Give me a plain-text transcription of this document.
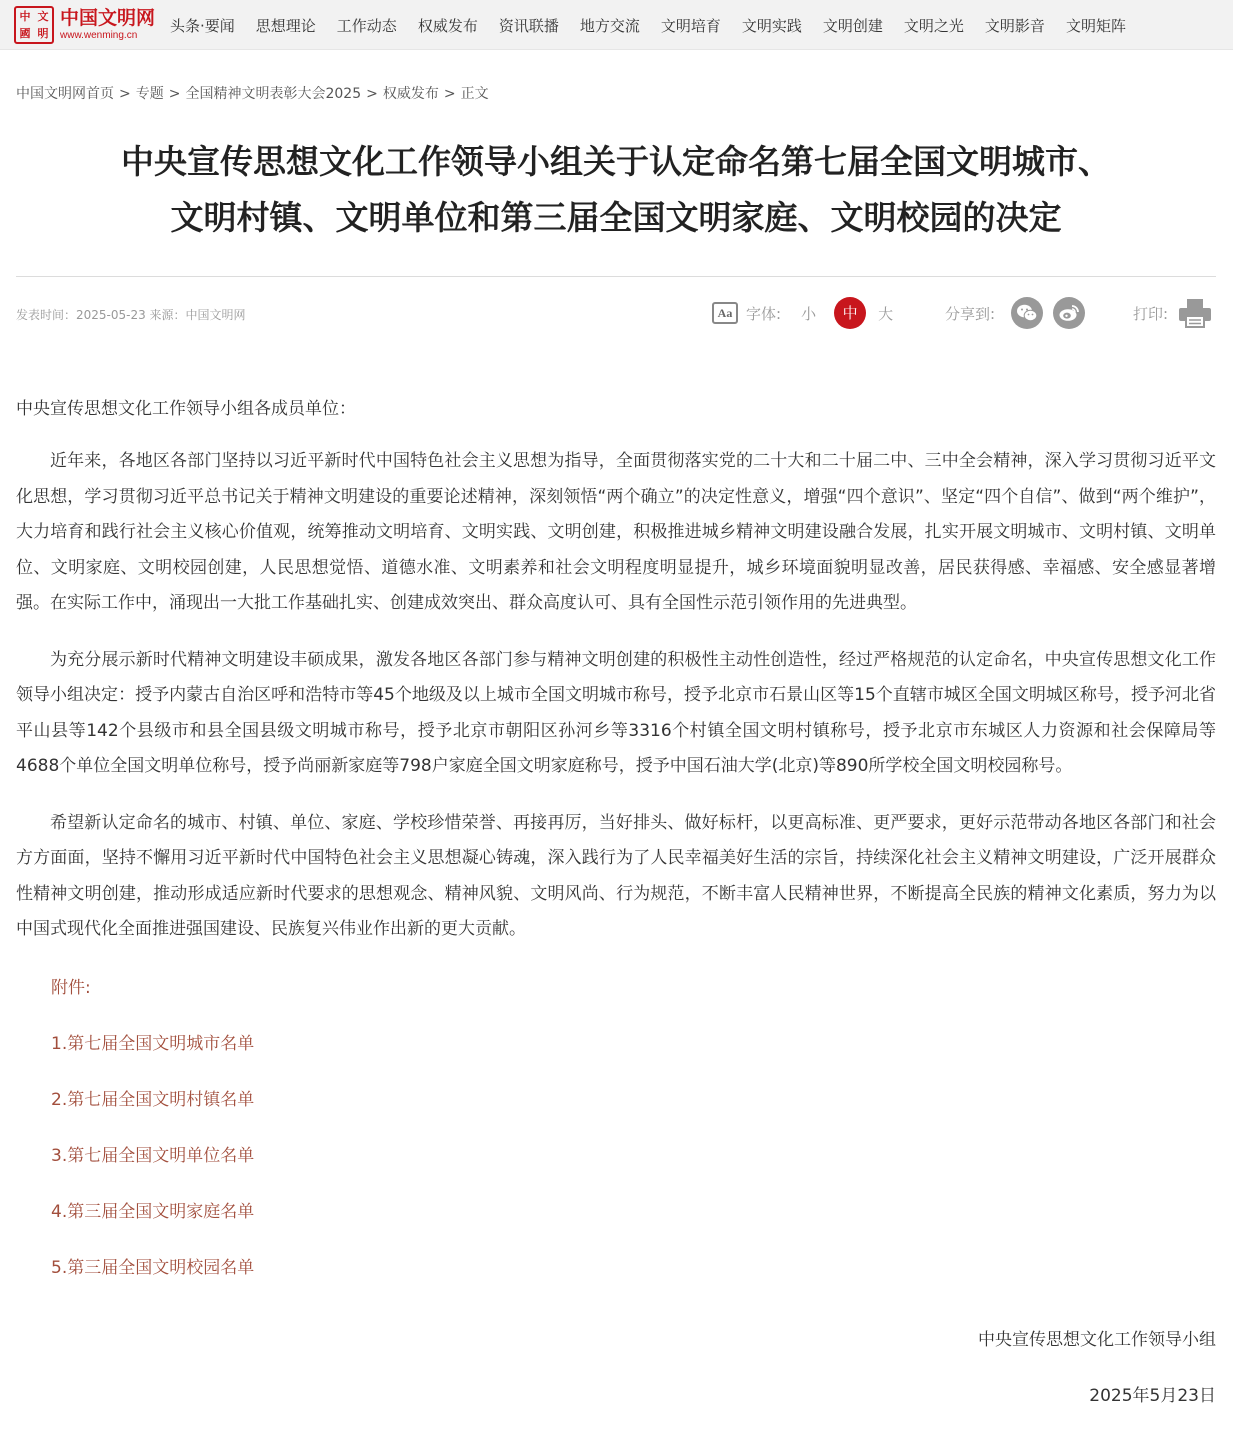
中 文
國 明
中国文明网
www.wenming.cn
头条·要闻 思想理论 工作动态 权威发布 资讯联播 地方交流 文明培育 文明实践 文明创建 文明之光 文明影音 文明矩阵
中国文明网首页 > 专题 > 全国精神文明表彰大会2025 > 权威发布 > 正文
中央宣传思想文化工作领导小组关于认定命名第七届全国文明城市、
文明村镇、文明单位和第三届全国文明家庭、文明校园的决定
发表时间：2025-05-23 来源：中国文明网	Aa 字体: 小	中	大	分享到:	打印:

中央宣传思想文化工作领导小组各成员单位：

近年来，各地区各部门坚持以习近平新时代中国特色社会主义思想为指导，全面贯彻落实党的二十大和二十届二中、三中全会精神，深入学习贯彻习近平文化思想，学习贯彻习近平总书记关于精神文明建设的重要论述精神，深刻领悟“两个确立”的决定性意义，增强“四个意识”、坚定“四个自信”、做到“两个维护”，大力培育和践行社会主义核心价值观，统筹推动文明培育、文明实践、文明创建，积极推进城乡精神文明建设融合发展，扎实开展文明城市、文明村镇、文明单位、文明家庭、文明校园创建，人民思想觉悟、道德水准、文明素养和社会文明程度明显提升，城乡环境面貌明显改善，居民获得感、幸福感、安全感显著增强。在实际工作中，涌现出一大批工作基础扎实、创建成效突出、群众高度认可、具有全国性示范引领作用的先进典型。

为充分展示新时代精神文明建设丰硕成果，激发各地区各部门参与精神文明创建的积极性主动性创造性，经过严格规范的认定命名，中央宣传思想文化工作领导小组决定：授予内蒙古自治区呼和浩特市等45个地级及以上城市全国文明城市称号，授予北京市石景山区等15个直辖市城区全国文明城区称号，授予河北省平山县等142个县级市和县全国县级文明城市称号，授予北京市朝阳区孙河乡等3316个村镇全国文明村镇称号，授予北京市东城区人力资源和社会保障局等4688个单位全国文明单位称号，授予尚丽新家庭等798户家庭全国文明家庭称号，授予中国石油大学(北京)等890所学校全国文明校园称号。

希望新认定命名的城市、村镇、单位、家庭、学校珍惜荣誉、再接再厉，当好排头、做好标杆，以更高标准、更严要求，更好示范带动各地区各部门和社会方方面面，坚持不懈用习近平新时代中国特色社会主义思想凝心铸魂，深入践行为了人民幸福美好生活的宗旨，持续深化社会主义精神文明建设，广泛开展群众性精神文明创建，推动形成适应新时代要求的思想观念、精神风貌、文明风尚、行为规范，不断丰富人民精神世界，不断提高全民族的精神文化素质，努力为以中国式现代化全面推进强国建设、民族复兴伟业作出新的更大贡献。

附件:

1.第七届全国文明城市名单

2.第七届全国文明村镇名单

3.第七届全国文明单位名单

4.第三届全国文明家庭名单

5.第三届全国文明校园名单

中央宣传思想文化工作领导小组

2025年5月23日
